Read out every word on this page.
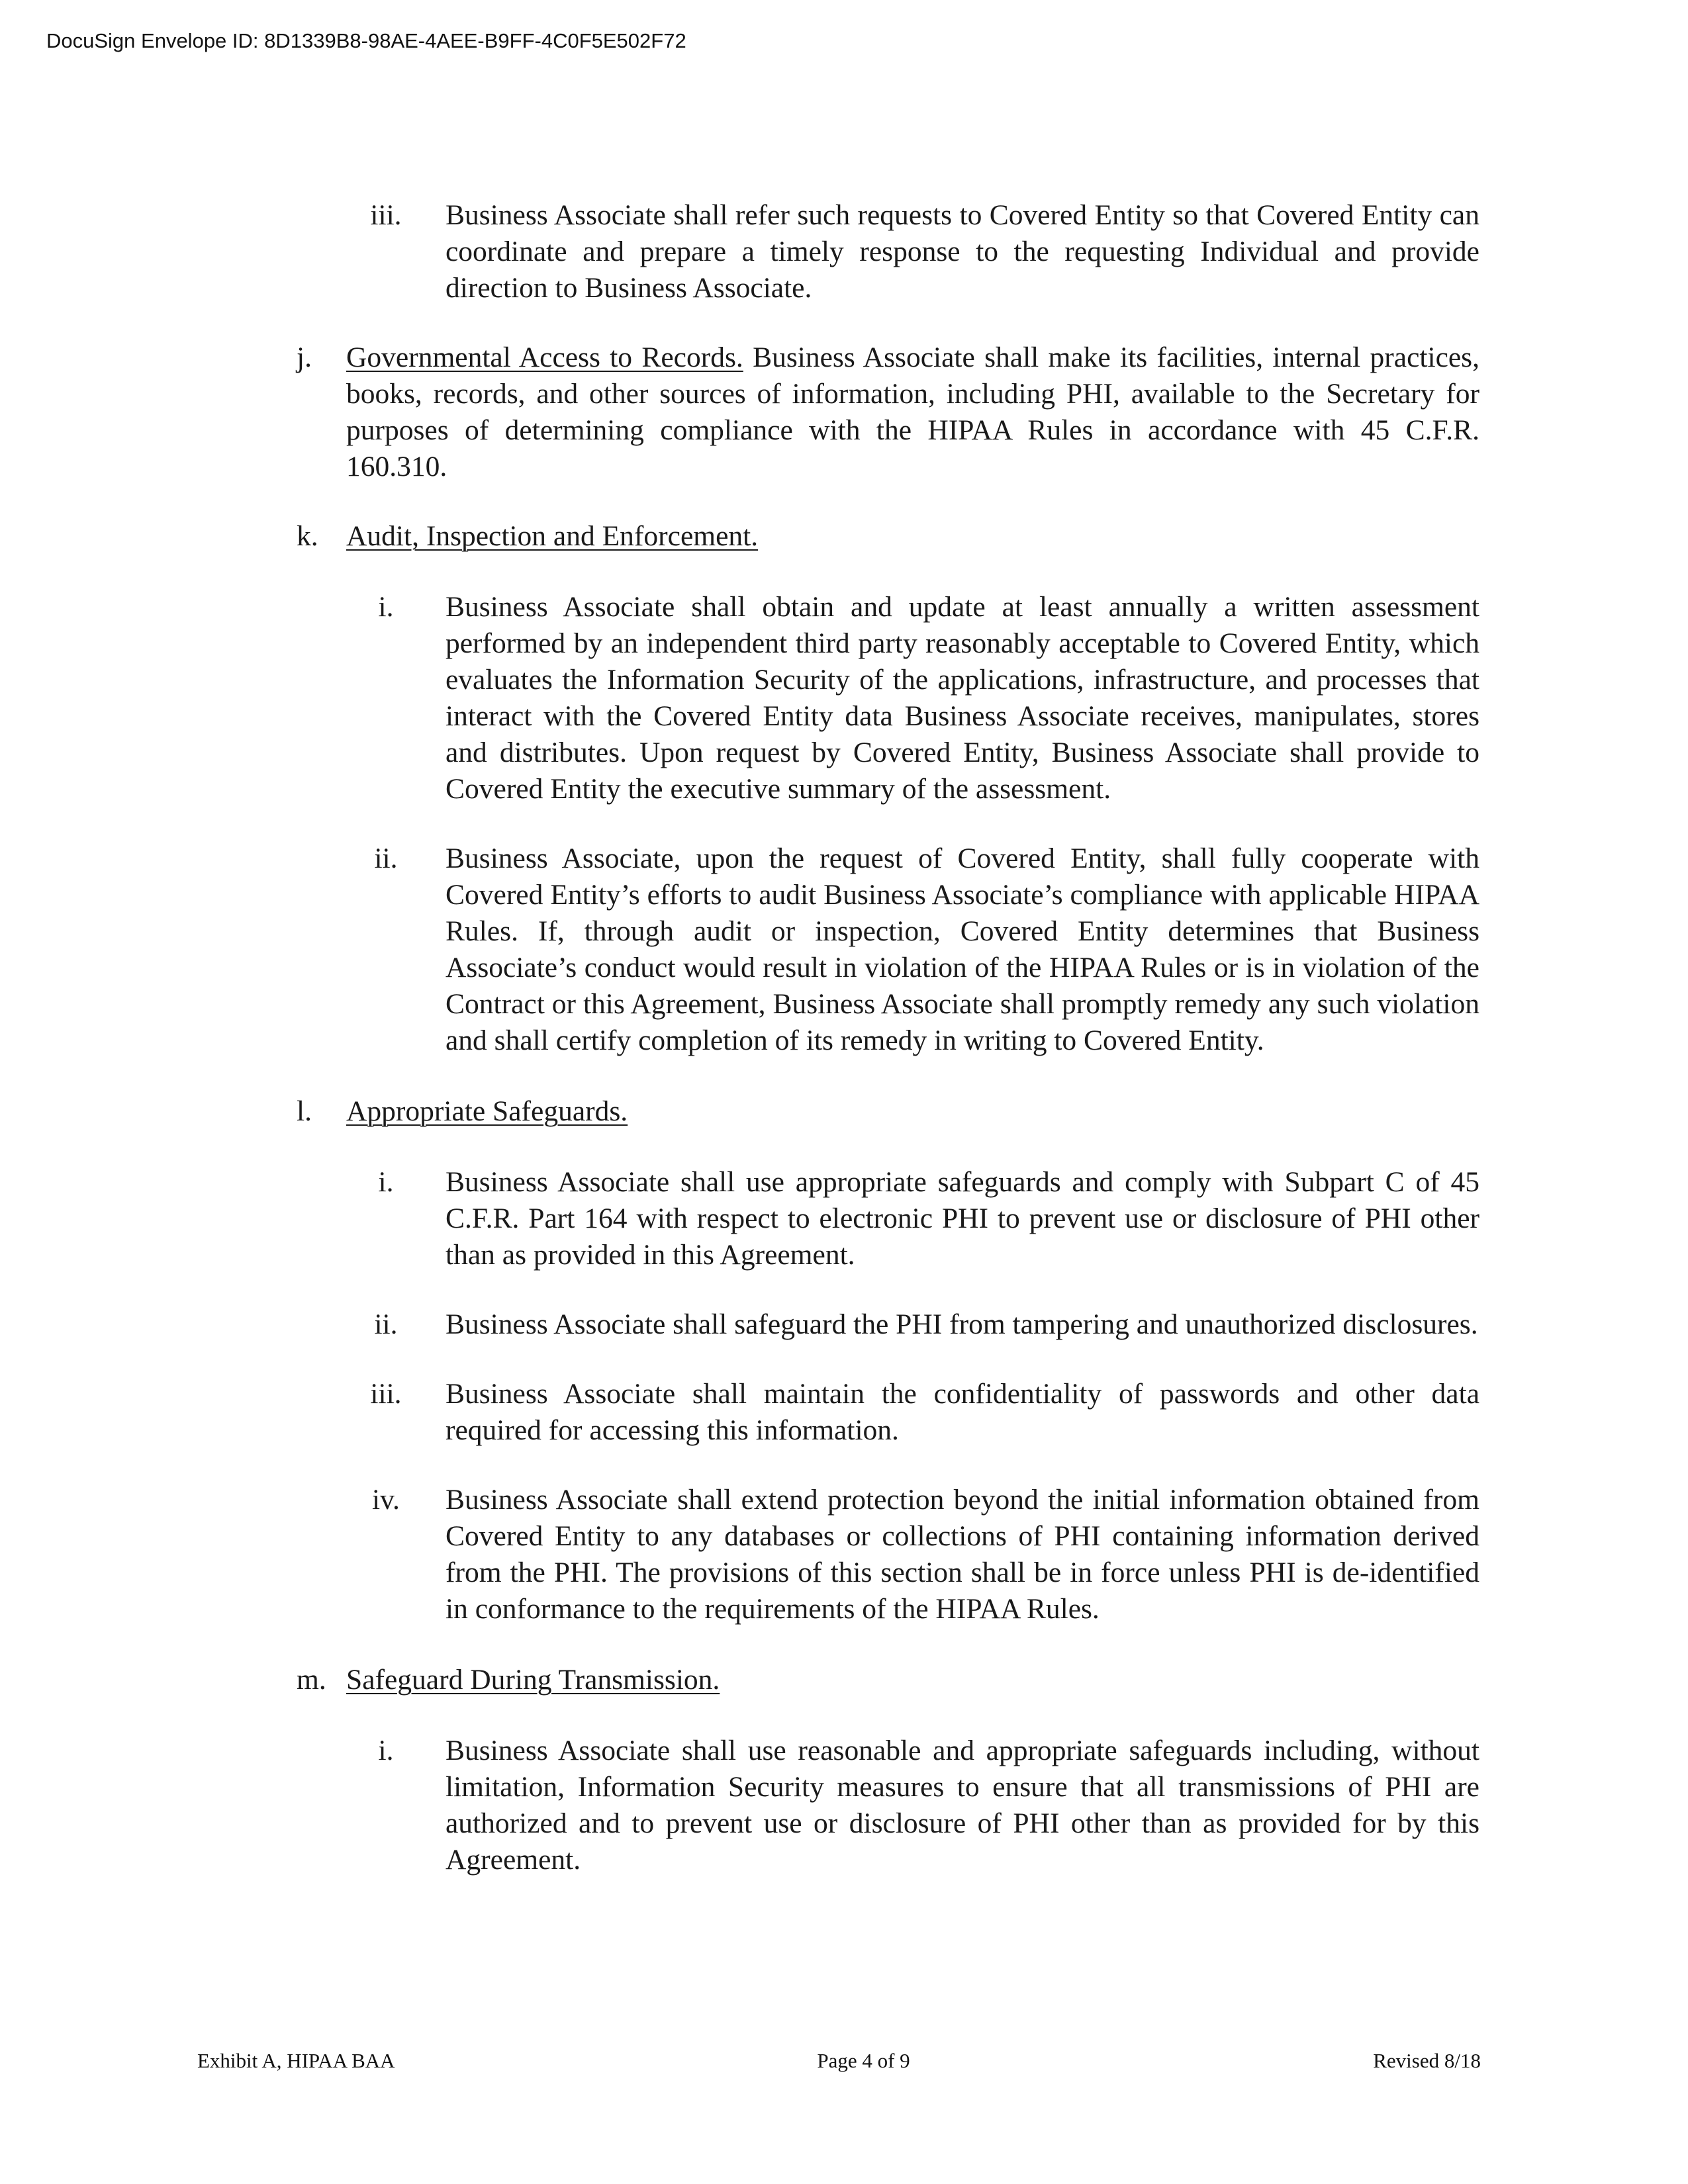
DocuSign Envelope ID: 8D1339B8-98AE-4AEE-B9FF-4C0F5E502F72
iii.	Business Associate shall refer such requests to Covered Entity so that Covered Entity can coordinate and prepare a timely response to the requesting Individual and provide direction to Business Associate.
j.	Governmental Access to Records. Business Associate shall make its facilities, internal practices, books, records, and other sources of information, including PHI, available to the Secretary for purposes of determining compliance with the HIPAA Rules in accordance with 45 C.F.R. 160.310.
k. Audit, Inspection and Enforcement.
i.	Business Associate shall obtain and update at least annually a written assessment performed by an independent third party reasonably acceptable to Covered Entity, which evaluates the Information Security of the applications, infrastructure, and processes that interact with the Covered Entity data Business Associate receives, manipulates, stores and distributes. Upon request by Covered Entity, Business Associate shall provide to Covered Entity the executive summary of the assessment.
ii.	Business Associate, upon the request of Covered Entity, shall fully cooperate with Covered Entity’s efforts to audit Business Associate’s compliance with applicable HIPAA Rules. If, through audit or inspection, Covered Entity determines that Business Associate’s conduct would result in violation of the HIPAA Rules or is in violation of the Contract or this Agreement, Business Associate shall promptly remedy any such violation and shall certify completion of its remedy in writing to Covered Entity.
l.	Appropriate Safeguards.
i.	Business Associate shall use appropriate safeguards and comply with Subpart C of 45 C.F.R. Part 164 with respect to electronic PHI to prevent use or disclosure of PHI other than as provided in this Agreement.
ii.	Business Associate shall safeguard the PHI from tampering and unauthorized disclosures.
iii.	Business Associate shall maintain the confidentiality of passwords and other data required for accessing this information.
iv.	Business Associate shall extend protection beyond the initial information obtained from Covered Entity to any databases or collections of PHI containing information derived from the PHI. The provisions of this section shall be in force unless PHI is de-identified in conformance to the requirements of the HIPAA Rules.
m. Safeguard During Transmission.
i.	Business Associate shall use reasonable and appropriate safeguards including, without limitation, Information Security measures to ensure that all transmissions of PHI are authorized and to prevent use or disclosure of PHI other than as provided for by this Agreement.
Exhibit A, HIPAA BAA	Page 4 of 9	Revised 8/18
